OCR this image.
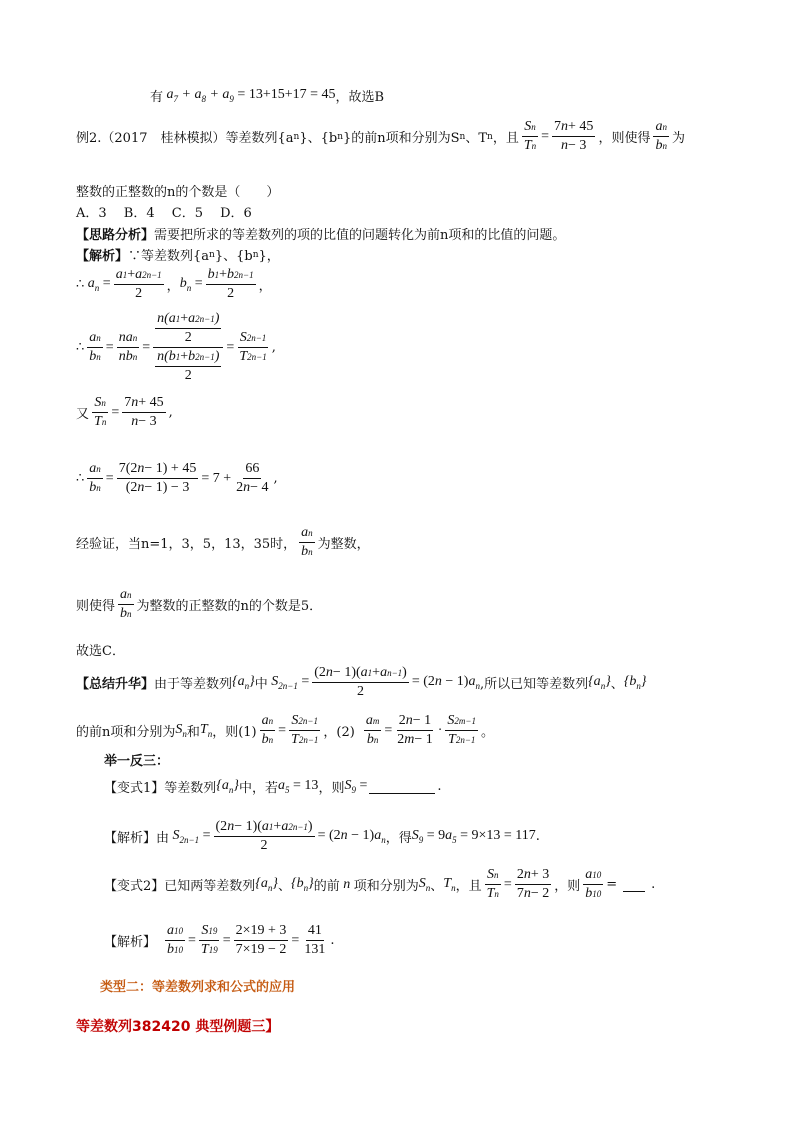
有 $a_7 + a_8 + a_9 = 13+15+17 = 45$ ，故选B
例2.（2017　桂林模拟）等差数列{a n }、{b n }的前n项和分别为S n 、T n ，且 $\frac{\text{S n}}{\text{T n}} = \frac{7 n + 45}{n - 3}$ ，则使得 $\frac{\text{a n}}{\text{b n}}$ 为
整数的正整数的n的个数是（　　）
A．3　 B．4　 C．5　 D．6
【思路分析】 需要把所求的等差数列的项的比值的问题转化为前n项和的比值的问题。
【解析】 ∵等差数列{a n }、{b n }，
∴ $a_n = \frac{a 1 + a 2n-1}{2}$ ， $b_n = \frac{b 1 + b 2n-1}{2}$ ，
∴ $\frac{\text{a n}}{\text{b n}} = \frac{\text{na n}}{\text{nb n}} = \frac{\frac{n(a 1 + a 2n-1 )}{2}}{\frac{n(b 1 + b 2n-1 )}{2}} = \frac{S 2n-1}{T 2n-1}$ ,
又 $\frac{\text{S n}}{\text{T n}} = \frac{7 n + 45}{n - 3}$ ,
∴ $\frac{\text{a n}}{\text{b n}} = \frac{7(2 n - 1) + 45}{(2 n - 1) - 3} = 7 + \frac{66}{2 n - 4}$ ,
经验证，当n=1，3，5，13，35时， $\frac{\text{a n}}{\text{b n}}$ 为整数，
则使得 $\frac{\text{a n}}{\text{b n}}$ 为整数的正整数的n的个数是5．
故选C．
【总结升华】 由于等差数列 $\{a_n\}$ 中 $S_{2n-1} = \frac{\text{(2 n − 1)( a 1 + a n−1 )}}{2} = (2n - 1)a_n$ ,所以已知等差数列 $\{a_n\}$ 、 $\{b_n\}$
的前n项和分别为 $S_n$ 和 $T_n$ ，则$(1) \frac{\text{a n}}{\text{b n}} = \frac{S 2n-1}{T 2n-1}$ ，$(2) \frac{\text{a m}}{\text{b n}} = \frac{2 n - 1}{2 m - 1} \cdot \frac{S 2m-1}{T 2n-1}$ 。
举一反三：
【变式1】 等差数列 $\{a_n\}$ 中，若 $a_5 = 13$ ，则 $S_9$ =	.
【解析】 由 $S_{2n-1} = \frac{(2 n - 1)( a 1 + a 2n-1 )}{2} = (2n - 1)a_n$ ，得 $S_9 = 9a_5 = 9\times 13 = 117$ .
【变式2】 已知两等差数列 $\{a_n\}$ 、 $\{b_n\}$ 的前 n 项和分别为 $S_n$ 、 $T_n$ ，且 $\frac{\text{S n}}{\text{T n}} = \frac{2 n + 3}{7 n - 2}$ ，则 $\frac{a 10}{b 10}$ =	.
【解析】 $\frac{a 10}{b 10} = \frac{S 19}{T 19} = \frac{2\times 19 + 3}{7\times 19 - 2} = \frac{41}{131}$ .
类型二：等差数列求和公式的应用
等差数列382420 典型例题三】
